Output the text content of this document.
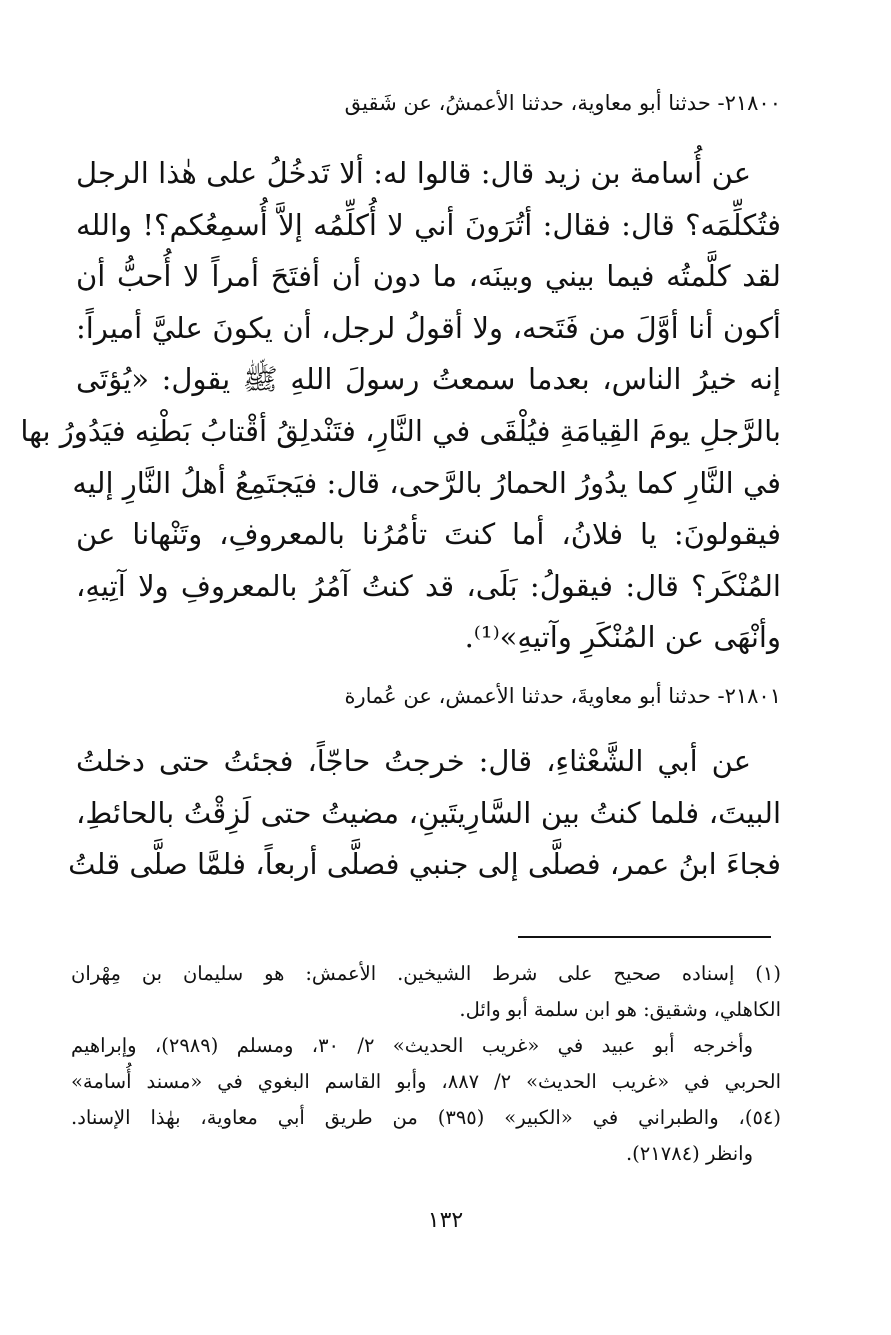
٢١٨٠٠- حدثنا أبو معاوية، حدثنا الأعمشُ، عن شَقيق
عن أُسامة بن زيد قال: قالوا له: ألا تَدخُلُ على هٰذا الرجل
فتُكلِّمَه؟ قال: فقال: أتُرَونَ أني لا أُكلِّمُه إلاَّ أُسمِعُكم؟! والله
لقد كلَّمتُه فيما بيني وبينَه، ما دون أن أفتَحَ أمراً لا أُحبُّ أن
أكون أنا أوَّلَ من فَتَحه، ولا أقولُ لرجل، أن يكونَ عليَّ أميراً:
إنه خيرُ الناس، بعدما سمعتُ رسولَ اللهِ ﷺ يقول: «يُؤتَى
بالرَّجلِ يومَ القِيامَةِ فيُلْقَى في النَّارِ، فتَنْدلِقُ أقْتابُ بَطْنِه فيَدُورُ بها
في النَّارِ كما يدُورُ الحمارُ بالرَّحى، قال: فيَجتَمِعُ أهلُ النَّارِ إليه
فيقولونَ: يا فلانُ، أما كنتَ تأمُرُنا بالمعروفِ، وتَنْهانا عن
المُنْكَر؟ قال: فيقولُ: بَلَى، قد كنتُ آمُرُ بالمعروفِ ولا آتِيهِ،
وأنْهَى عن المُنْكَرِ وآتيهِ»⁽¹⁾.
٢١٨٠١- حدثنا أبو معاويةَ، حدثنا الأعمش، عن عُمارة
عن أبي الشَّعْثاءِ، قال: خرجتُ حاجّاً، فجئتُ حتى دخلتُ
البيتَ، فلما كنتُ بين السَّارِيتَينِ، مضيتُ حتى لَزِقْتُ بالحائطِ،
فجاءَ ابنُ عمر، فصلَّى إلى جنبي فصلَّى أربعاً، فلمَّا صلَّى قلتُ
(١) إسناده صحيح على شرط الشيخين. الأعمش: هو سليمان بن مِهْران
الكاهلي، وشقيق: هو ابن سلمة أبو وائل.
وأخرجه أبو عبيد في «غريب الحديث» ٢/ ٣٠، ومسلم (٢٩٨٩)، وإبراهيم
الحربي في «غريب الحديث» ٢/ ٨٨٧، وأبو القاسم البغوي في «مسند أُسامة»
(٥٤)، والطبراني في «الكبير» (٣٩٥) من طريق أبي معاوية، بهٰذا الإسناد.
وانظر (٢١٧٨٤).
١٣٢
